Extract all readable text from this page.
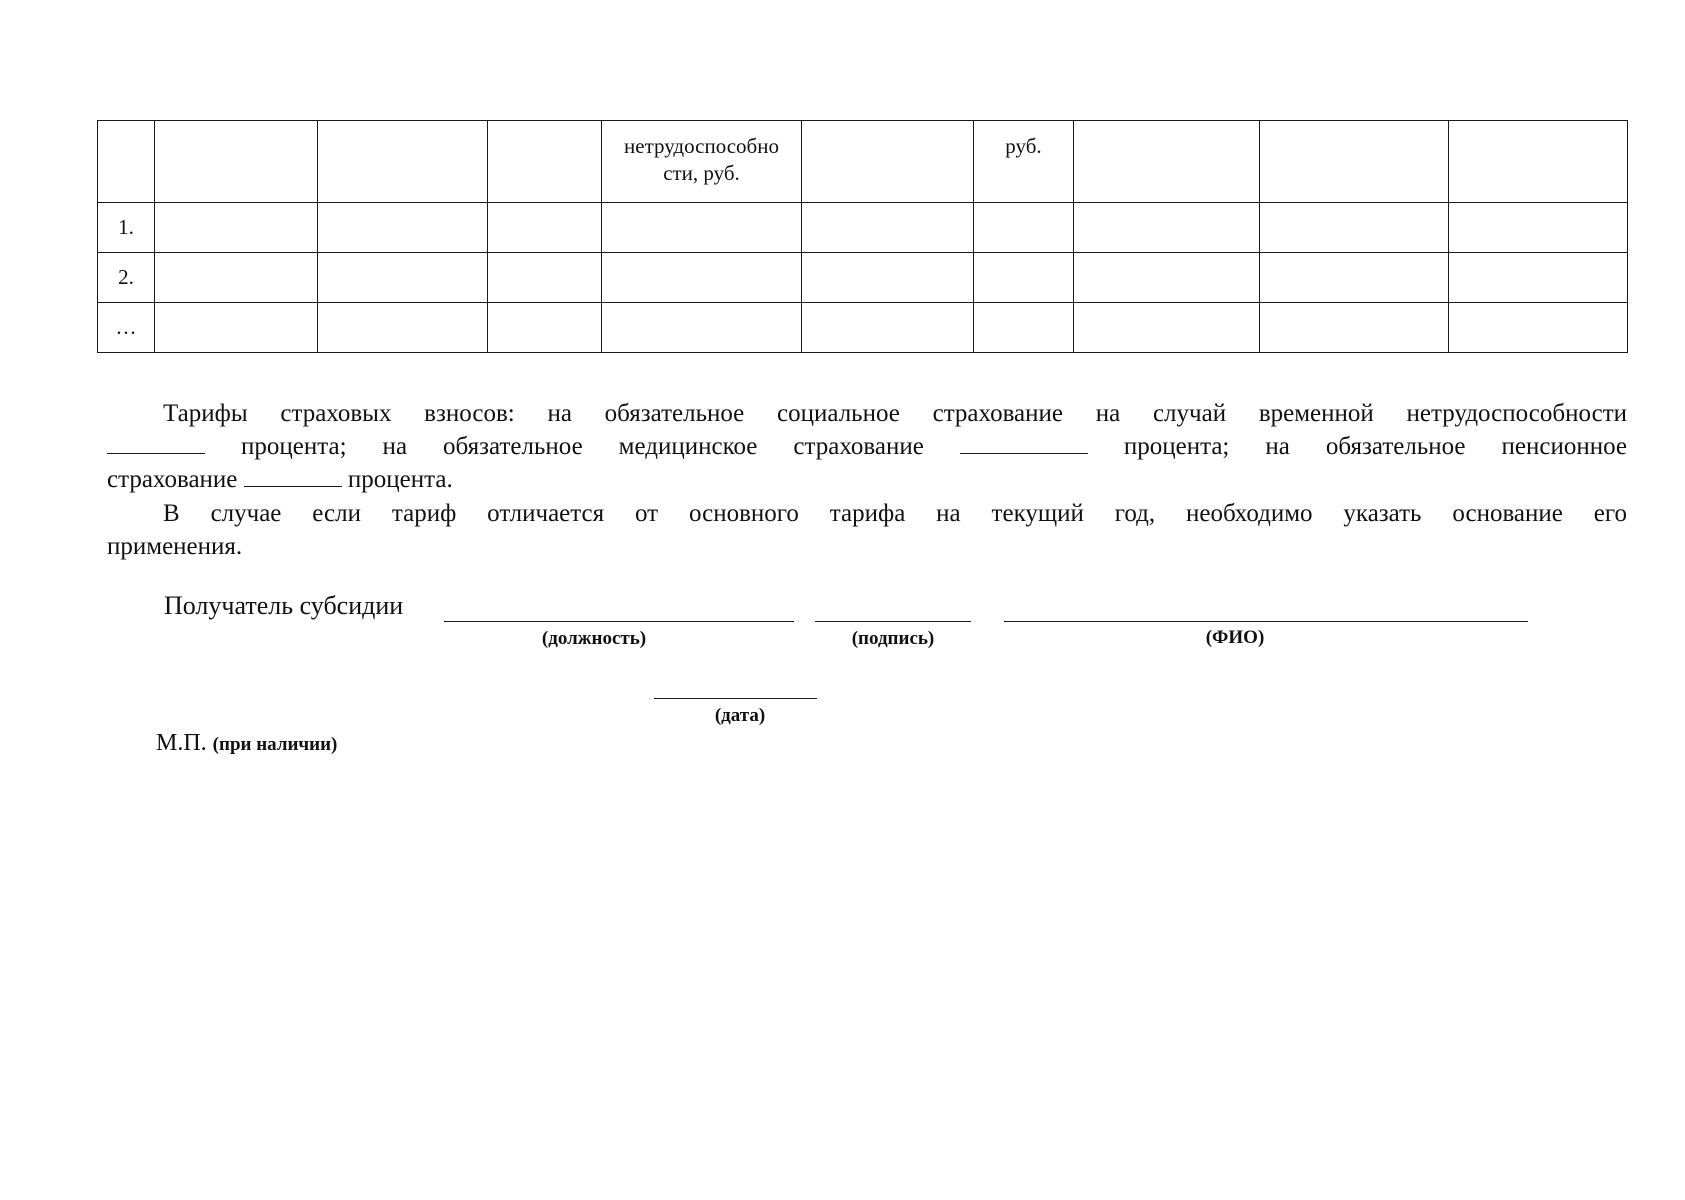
				нетрудоспособно сти, руб.		руб.			
1.									
2.									
…									
Тарифы страховых взносов: на обязательное социальное страхование на случай временной нетрудоспособности
процента; на обязательное медицинское страхование	процента; на обязательное пенсионное
страхование	процента.
В случае если тариф отличается от основного тарифа на текущий год, необходимо указать основание его
применения.
Получатель субсидии
(должность)	(подпись)	(ФИО)
(дата)
М.П. (при наличии)
